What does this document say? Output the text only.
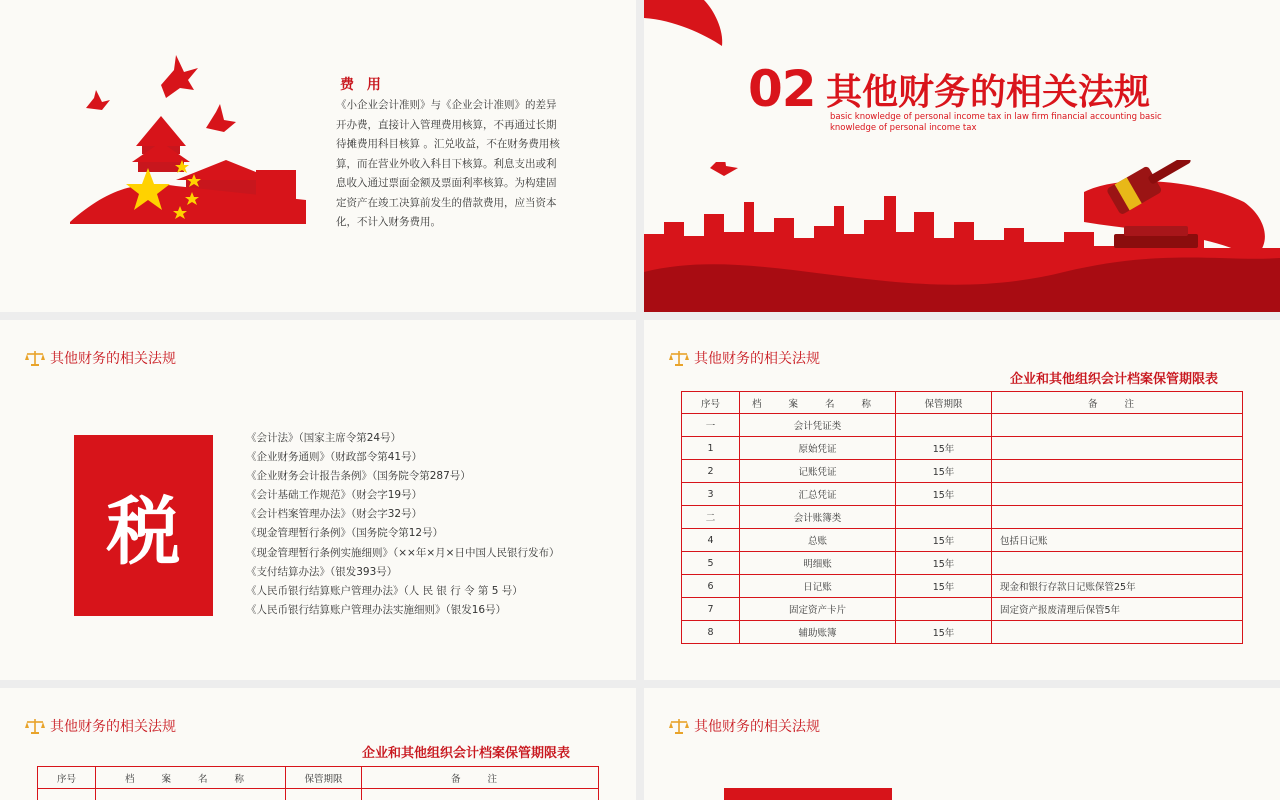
费 用
《小企业会计准则》与《企业会计准则》的差异开办费，直接计入管理费用核算，不再通过长期待摊费用科目核算 。汇兑收益，不在财务费用核算，而在营业外收入科目下核算。利息支出或利息收入通过票面金额及票面利率核算。为构建固定资产在竣工决算前发生的借款费用，应当资本化，不计入财务费用。
02 其他财务的相关法规
basic knowledge of personal income tax in law firm financial accounting basic knowledge of personal income tax
其他财务的相关法规
税
《会计法》（国家主席令第24号）
《企业财务通则》（财政部令第41号）
《企业财务会计报告条例》（国务院令第287号）
《会计基础工作规范》（财会字19号）
《会计档案管理办法》（财会字32号）
《现金管理暂行条例》（国务院令第12号）
《现金管理暂行条例实施细则》（××年×月×日中国人民银行发布）
《支付结算办法》（银发393号）
《人民币银行结算账户管理办法》（人 民 银 行 令 第 5 号）
《人民币银行结算账户管理办法实施细则》（银发16号）
其他财务的相关法规
企业和其他组织会计档案保管期限表
序号	档 案 名 称	保管期限	备 注
一	会计凭证类		
1	原始凭证	15年	
2	记账凭证	15年	
3	汇总凭证	15年	
二	会计账簿类		
4	总账	15年	包括日记账
5	明细账	15年	
6	日记账	15年	现金和银行存款日记账保管25年
7	固定资产卡片		固定资产报废清理后保管5年
8	辅助账簿	15年	
其他财务的相关法规
企业和其他组织会计档案保管期限表
序号	档 案 名 称	保管期限	备 注

其他财务的相关法规
